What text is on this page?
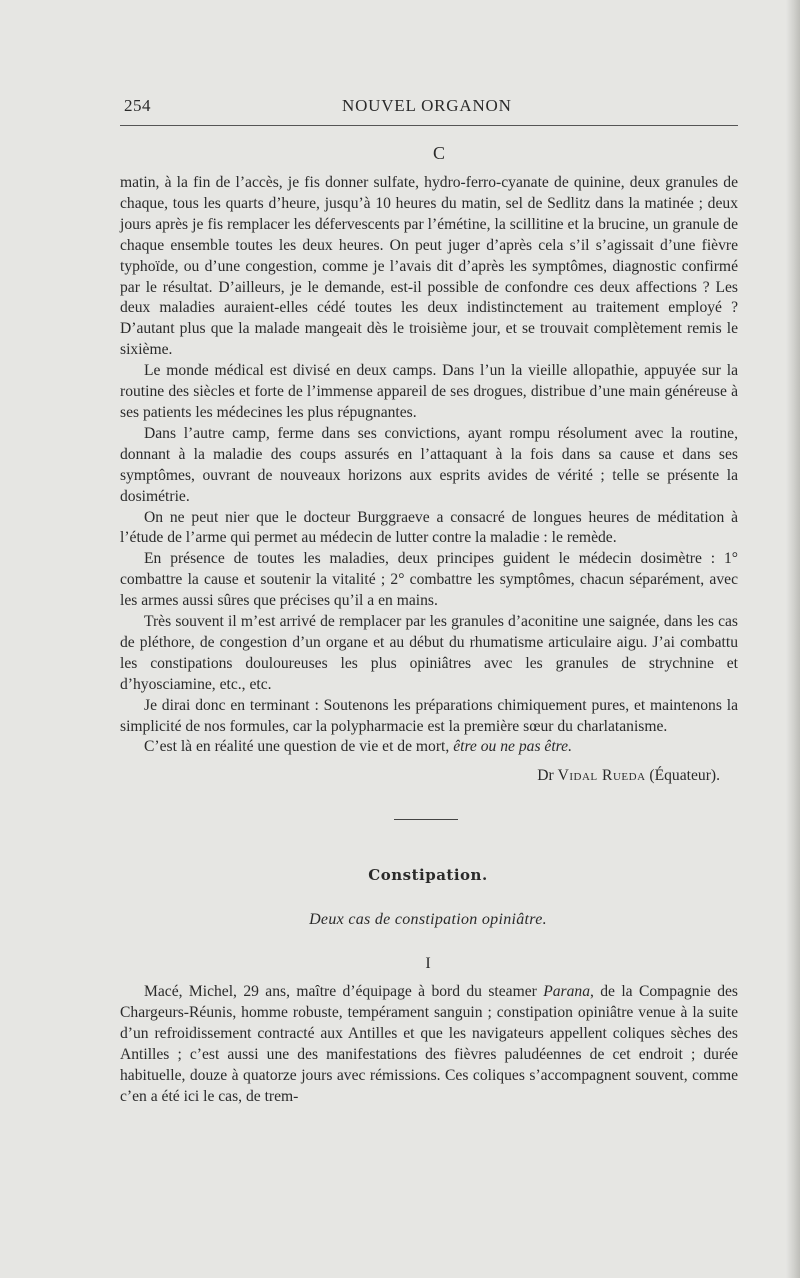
254	NOUVEL ORGANON
C

matin, à la fin de l’accès, je fis donner sulfate, hydro-ferro-cyanate de quinine, deux granules de chaque, tous les quarts d’heure, jusqu’à 10 heures du matin, sel de Sedlitz dans la matinée ; deux jours après je fis remplacer les défervescents par l’émétine, la scillitine et la brucine, un granule de chaque ensemble toutes les deux heures. On peut juger d’après cela s’il s’agissait d’une fièvre typhoïde, ou d’une congestion, comme je l’avais dit d’après les symptômes, diagnostic confirmé par le résultat. D’ailleurs, je le demande, est-il possible de confondre ces deux affections ? Les deux maladies auraient-elles cédé toutes les deux indistinctement au traitement employé ? D’autant plus que la malade mangeait dès le troisième jour, et se trouvait complètement remis le sixième.

Le monde médical est divisé en deux camps. Dans l’un la vieille allopathie, appuyée sur la routine des siècles et forte de l’immense appareil de ses drogues, distribue d’une main généreuse à ses patients les médecines les plus répugnantes.

Dans l’autre camp, ferme dans ses convictions, ayant rompu résolument avec la routine, donnant à la maladie des coups assurés en l’attaquant à la fois dans sa cause et dans ses symptômes, ouvrant de nouveaux horizons aux esprits avides de vérité ; telle se présente la dosimétrie.

On ne peut nier que le docteur Burggraeve a consacré de longues heures de méditation à l’étude de l’arme qui permet au médecin de lutter contre la maladie : le remède.

En présence de toutes les maladies, deux principes guident le médecin dosimètre : 1° combattre la cause et soutenir la vitalité ; 2° combattre les symptômes, chacun séparément, avec les armes aussi sûres que précises qu’il a en mains.

Très souvent il m’est arrivé de remplacer par les granules d’aconitine une saignée, dans les cas de pléthore, de congestion d’un organe et au début du rhumatisme articulaire aigu. J’ai combattu les constipations douloureuses les plus opiniâtres avec les granules de strychnine et d’hyosciamine, etc., etc.

Je dirai donc en terminant : Soutenons les préparations chimiquement pures, et maintenons la simplicité de nos formules, car la polypharmacie est la première sœur du charlatanisme.

C’est là en réalité une question de vie et de mort, être ou ne pas être.

Dr Vidal Rueda (Équateur).
Constipation.
Deux cas de constipation opiniâtre.
I

Macé, Michel, 29 ans, maître d’équipage à bord du steamer Parana, de la Compagnie des Chargeurs-Réunis, homme robuste, tempérament sanguin ; constipation opiniâtre venue à la suite d’un refroidissement contracté aux Antilles et que les navigateurs appellent coliques sèches des Antilles ; c’est aussi une des manifestations des fièvres paludéennes de cet endroit ; durée habituelle, douze à quatorze jours avec rémissions. Ces coliques s’accompagnent souvent, comme c’en a été ici le cas, de trem-
